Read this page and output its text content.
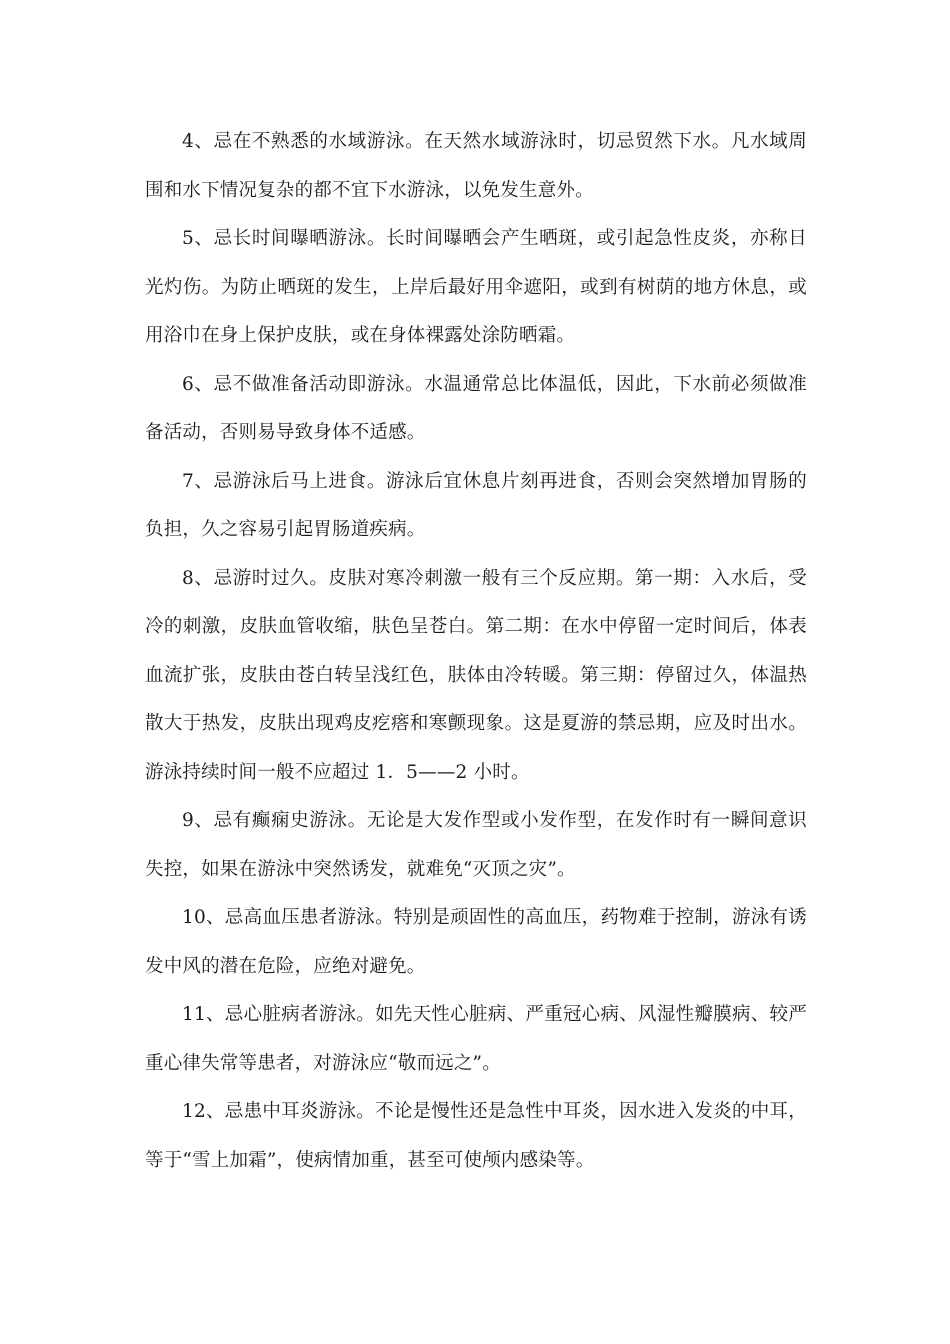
4、忌在不熟悉的水域游泳。在天然水域游泳时，切忌贸然下水。凡水域周围和水下情况复杂的都不宜下水游泳，以免发生意外。

5、忌长时间曝晒游泳。长时间曝晒会产生晒斑，或引起急性皮炎，亦称日光灼伤。为防止晒斑的发生，上岸后最好用伞遮阳，或到有树荫的地方休息，或用浴巾在身上保护皮肤，或在身体裸露处涂防晒霜。

6、忌不做准备活动即游泳。水温通常总比体温低，因此，下水前必须做准备活动，否则易导致身体不适感。

7、忌游泳后马上进食。游泳后宜休息片刻再进食，否则会突然增加胃肠的负担，久之容易引起胃肠道疾病。

8、忌游时过久。皮肤对寒冷刺激一般有三个反应期。第一期：入水后，受冷的刺激，皮肤血管收缩，肤色呈苍白。第二期：在水中停留一定时间后，体表血流扩张，皮肤由苍白转呈浅红色，肤体由冷转暖。第三期：停留过久，体温热散大于热发，皮肤出现鸡皮疙瘩和寒颤现象。这是夏游的禁忌期，应及时出水。游泳持续时间一般不应超过 1．5——2 小时。

9、忌有癫痫史游泳。无论是大发作型或小发作型，在发作时有一瞬间意识失控，如果在游泳中突然诱发，就难免“灭顶之灾”。

10、忌高血压患者游泳。特别是顽固性的高血压，药物难于控制，游泳有诱发中风的潜在危险，应绝对避免。

11、忌心脏病者游泳。如先天性心脏病、严重冠心病、风湿性瓣膜病、较严重心律失常等患者，对游泳应“敬而远之”。

12、忌患中耳炎游泳。不论是慢性还是急性中耳炎，因水进入发炎的中耳，等于“雪上加霜”，使病情加重，甚至可使颅内感染等。
